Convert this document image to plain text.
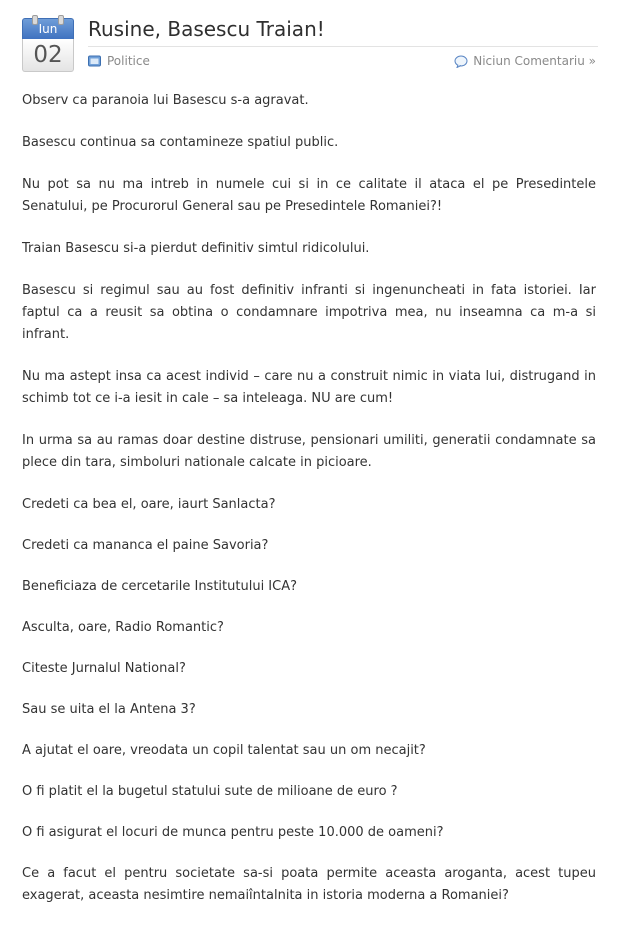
Iun
02
Rusine, Basescu Traian!
Politice	Niciun Comentariu »

Observ ca paranoia lui Basescu s-a agravat.

Basescu continua sa contamineze spatiul public.

Nu pot sa nu ma intreb in numele cui si in ce calitate il ataca el pe Presedintele Senatului, pe Procurorul General sau pe Presedintele Romaniei?!

Traian Basescu si-a pierdut definitiv simtul ridicolului.

Basescu si regimul sau au fost definitiv infranti si ingenuncheati in fata istoriei. Iar faptul ca a reusit sa obtina o condamnare impotriva mea, nu inseamna ca m-a si infrant.

Nu ma astept insa ca acest individ – care nu a construit nimic in viata lui, distrugand in schimb tot ce i-a iesit in cale – sa inteleaga. NU are cum!

In urma sa au ramas doar destine distruse, pensionari umiliti, generatii condamnate sa plece din tara, simboluri nationale calcate in picioare.

Credeti ca bea el, oare, iaurt Sanlacta?

Credeti ca mananca el paine Savoria?

Beneficiaza de cercetarile Institutului ICA?

Asculta, oare, Radio Romantic?

Citeste Jurnalul National?

Sau se uita el la Antena 3?

A ajutat el oare, vreodata un copil talentat sau un om necajit?

O fi platit el la bugetul statului sute de milioane de euro ?

O fi asigurat el locuri de munca pentru peste 10.000 de oameni?

Ce a facut el pentru societate sa-si poata permite aceasta aroganta, acest tupeu exagerat, aceasta nesimtire nemaiîntalnita in istoria moderna a Romaniei?
